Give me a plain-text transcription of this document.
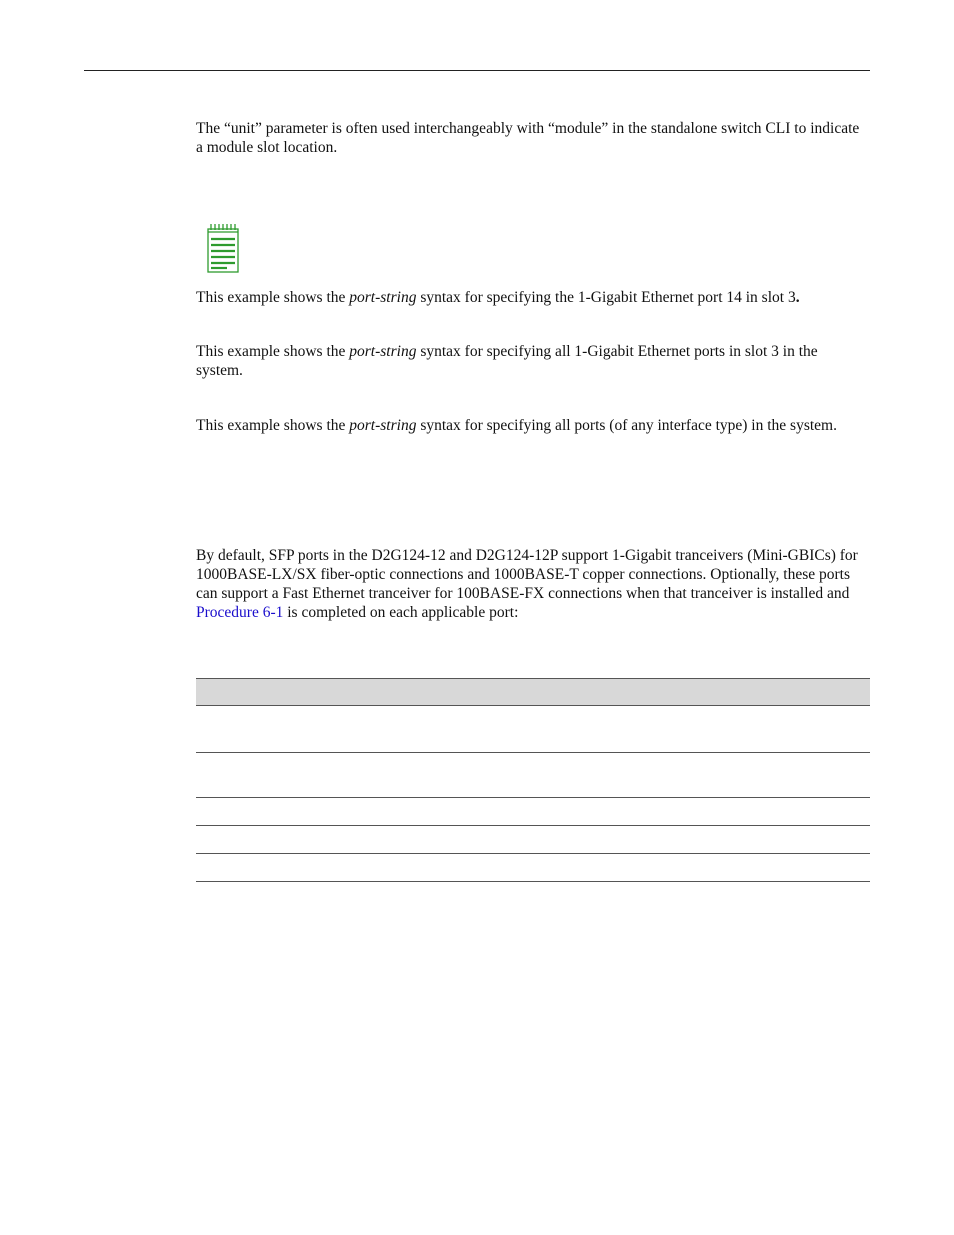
The “unit” parameter is often used interchangeably with “module” in the standalone switch CLI to indicate a module slot location.

This example shows the port-string syntax for specifying the 1-Gigabit Ethernet port 14 in slot 3.

This example shows the port-string syntax for specifying all 1-Gigabit Ethernet ports in slot 3 in the system.

This example shows the port-string syntax for specifying all ports (of any interface type) in the system.

By default, SFP ports in the D2G124-12 and D2G124-12P support 1-Gigabit tranceivers (Mini-GBICs) for 1000BASE-LX/SX fiber-optic connections and 1000BASE-T copper connections. Optionally, these ports can support a Fast Ethernet tranceiver for 100BASE-FX connections when that tranceiver is installed and Procedure 6-1 is completed on each applicable port:
